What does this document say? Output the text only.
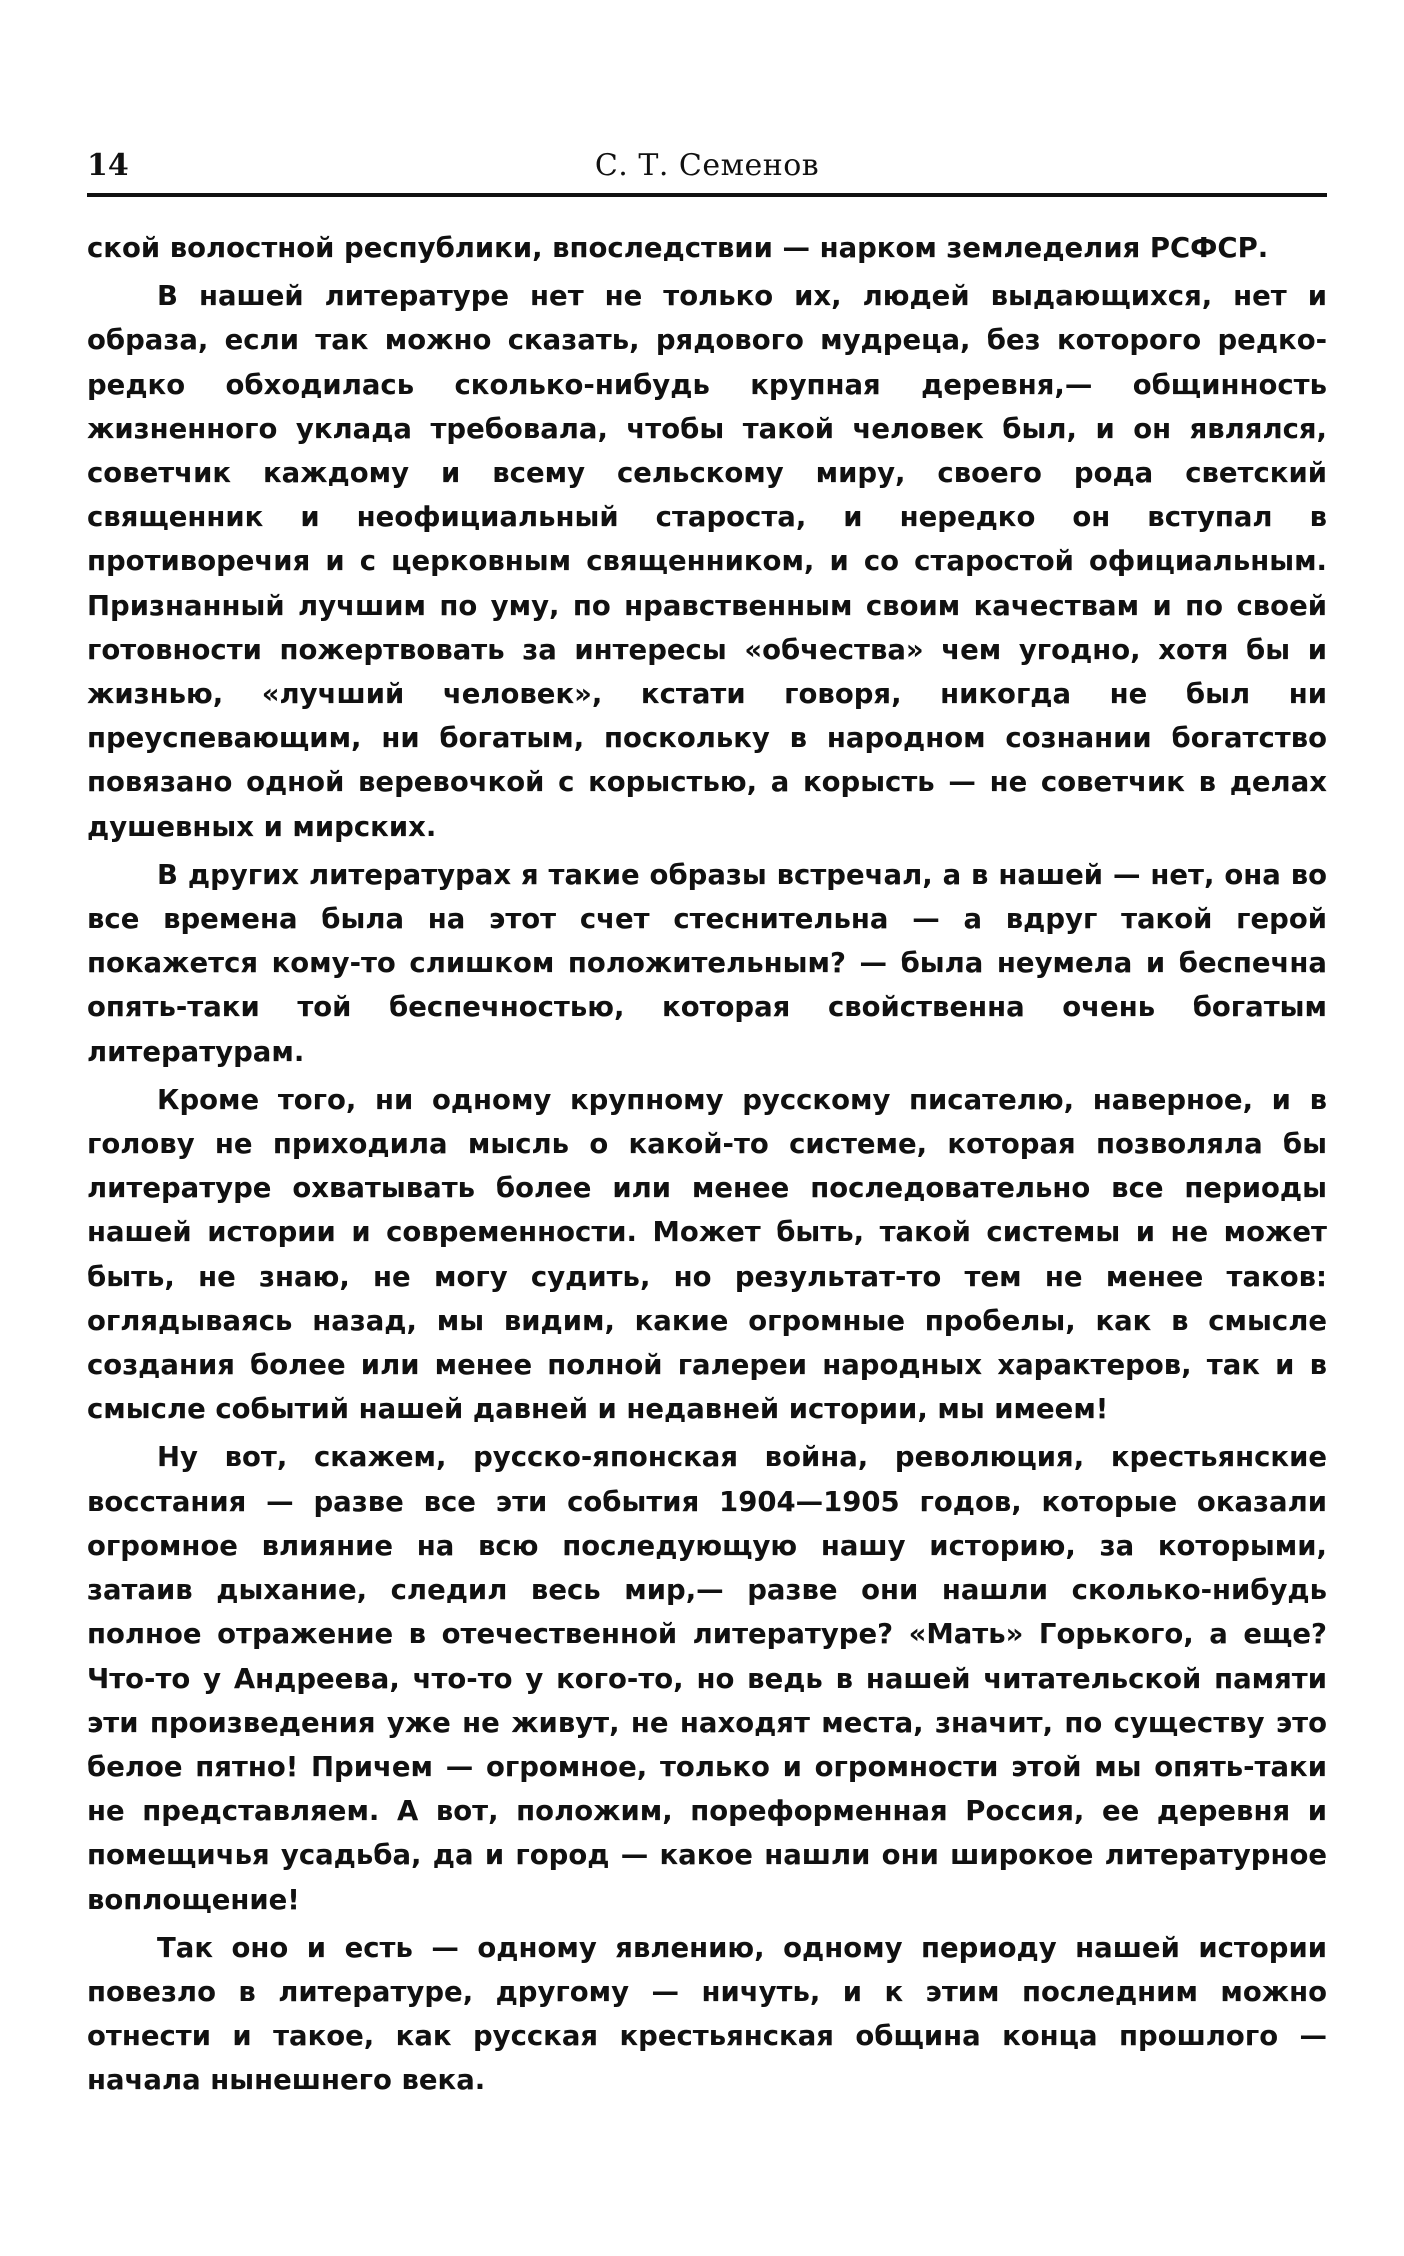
14	С. Т. Семенов

ской волостной республики, впоследствии — нарком земледелия РСФСР.

В нашей литературе нет не только их, людей выдающихся, нет и образа, если так можно сказать, рядового мудреца, без которого редко-редко обходилась сколько-нибудь крупная деревня,— общинность жизненного уклада требовала, чтобы такой человек был, и он являлся, советчик каждому и всему сельскому миру, своего рода светский священник и неофициальный староста, и нередко он вступал в противоречия и с церковным священником, и со старостой официальным. Признанный лучшим по уму, по нравственным своим качествам и по своей готовности пожертвовать за интересы «обчества» чем угодно, хотя бы и жизнью, «лучший человек», кстати говоря, никогда не был ни преуспевающим, ни богатым, поскольку в народном сознании богатство повязано одной веревочкой с корыстью, а корысть — не советчик в делах душевных и мирских.

В других литературах я такие образы встречал, а в нашей — нет, она во все времена была на этот счет стеснительна — а вдруг такой герой покажется кому-то слишком положительным? — была неумела и беспечна опять-таки той беспечностью, которая свойственна очень богатым литературам.

Кроме того, ни одному крупному русскому писателю, наверное, и в голову не приходила мысль о какой-то системе, которая позволяла бы литературе охватывать более или менее последовательно все периоды нашей истории и современности. Может быть, такой системы и не может быть, не знаю, не могу судить, но результат-то тем не менее таков: оглядываясь назад, мы видим, какие огромные пробелы, как в смысле создания более или менее полной галереи народных характеров, так и в смысле событий нашей давней и недавней истории, мы имеем!

Ну вот, скажем, русско-японская война, революция, крестьянские восстания — разве все эти события 1904—1905 годов, которые оказали огромное влияние на всю последующую нашу историю, за которыми, затаив дыхание, следил весь мир,— разве они нашли сколько-нибудь полное отражение в отечественной литературе? «Мать» Горького, а еще? Что-то у Андреева, что-то у кого-то, но ведь в нашей читательской памяти эти произведения уже не живут, не находят места, значит, по существу это белое пятно! Причем — огромное, только и огромности этой мы опять-таки не представляем. А вот, положим, пореформенная Россия, ее деревня и помещичья усадьба, да и город — какое нашли они широкое литературное воплощение!

Так оно и есть — одному явлению, одному периоду нашей истории повезло в литературе, другому — ничуть, и к этим последним можно отнести и такое, как русская крестьянская община конца прошлого — начала нынешнего века.
